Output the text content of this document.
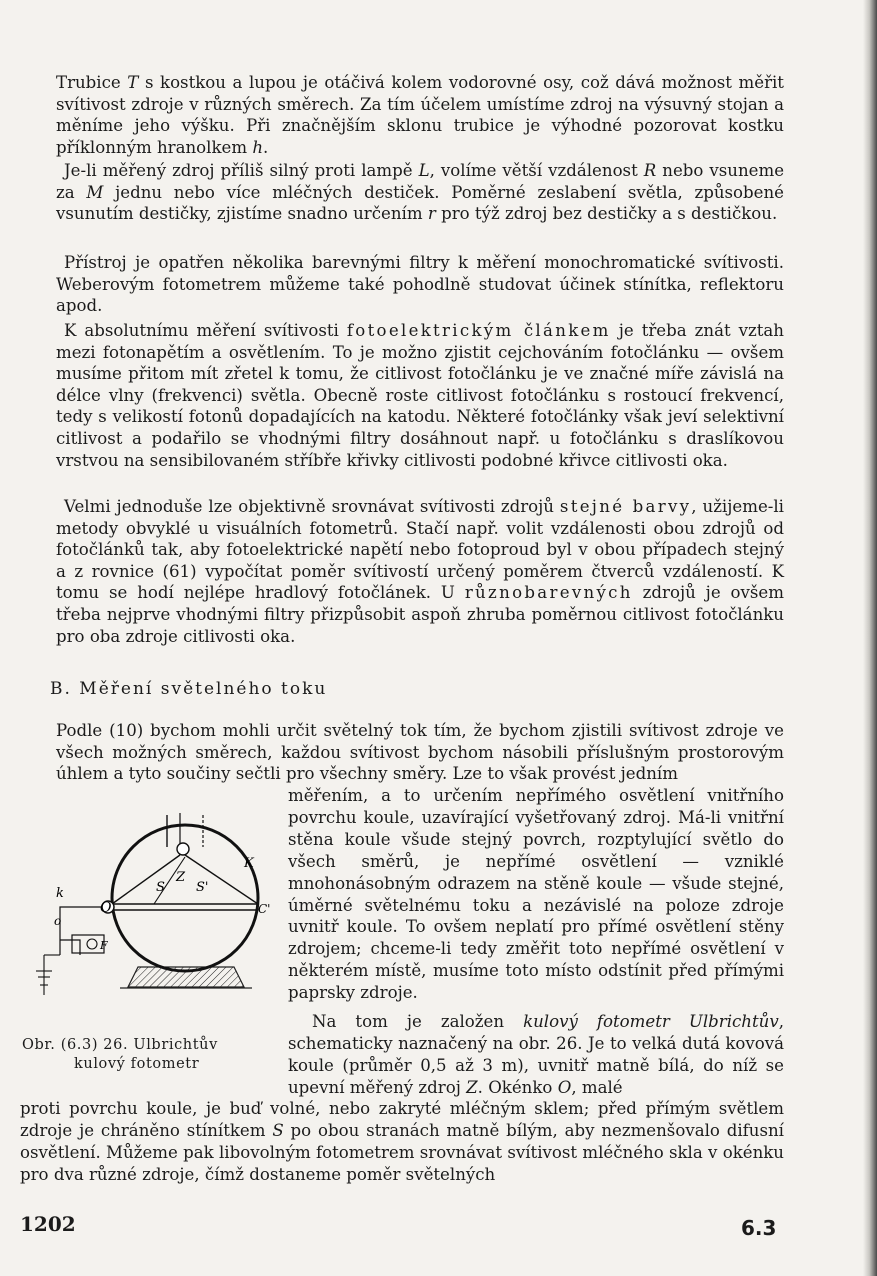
Trubice T s kostkou a lupou je otáčivá kolem vodorovné osy, což dává možnost měřit svítivost zdroje v různých směrech. Za tím účelem umístíme zdroj na výsuvný stojan a měníme jeho výšku. Při značnějším sklonu trubice je výhodné pozorovat kostku příklonným hranolkem h.

Je-li měřený zdroj příliš silný proti lampě L, volíme větší vzdálenost R nebo vsuneme za M jednu nebo více mléčných destiček. Poměrné zeslabení světla, způsobené vsunutím destičky, zjistíme snadno určením r pro týž zdroj bez destičky a s destičkou.

Přístroj je opatřen několika barevnými filtry k měření monochromatické svítivosti. Weberovým fotometrem můžeme také pohodlně studovat účinek stínítka, reflektoru apod.

K absolutnímu měření svítivosti fotoelektrickým článkem je třeba znát vztah mezi fotonapětím a osvětlením. To je možno zjistit cejchováním fotočlánku — ovšem musíme přitom mít zřetel k tomu, že citlivost fotočlánku je ve značné míře závislá na délce vlny (frekvenci) světla. Obecně roste citlivost fotočlánku s rostoucí frekvencí, tedy s velikostí fotonů dopadajících na katodu. Některé fotočlánky však jeví selektivní citlivost a podařilo se vhodnými filtry dosáhnout např. u fotočlánku s draslíkovou vrstvou na sensibilovaném stříbře křivky citlivosti podobné křivce citlivosti oka.

Velmi jednoduše lze objektivně srovnávat svítivosti zdrojů stejné barvy, užijeme-li metody obvyklé u visuálních fotometrů. Stačí např. volit vzdálenosti obou zdrojů od fotočlánků tak, aby fotoelektrické napětí nebo fotoproud byl v obou případech stejný a z rovnice (61) vypočítat poměr svítivostí určený poměrem čtverců vzdáleností. K tomu se hodí nejlépe hradlový fotočlánek. U různobarevných zdrojů je ovšem třeba nejprve vhodnými filtry přizpůsobit aspoň zhruba poměrnou citlivost fotočlánku pro oba zdroje citlivosti oka.

B. Měření světelného toku

Podle (10) bychom mohli určit světelný tok tím, že bychom zjistili svítivost zdroje ve všech možných směrech, každou svítivost bychom násobili příslušným prostorovým úhlem a tyto součiny sečtli pro všechny směry. Lze to však provést jedním

měřením, a to určením nepřímého osvětlení vnitřního povrchu koule, uzavírající vyšetřovaný zdroj. Má-li vnitřní stěna koule všude stejný povrch, rozptylující světlo do všech směrů, je nepřímé osvětlení — vzniklé mnohonásobným odrazem na stěně koule — všude stejné, úměrné světelnému toku a nezávislé na poloze zdroje uvnitř koule. To ovšem neplatí pro přímé osvětlení stěny zdrojem; chceme-li tedy změřit toto nepřímé osvětlení v některém místě, musíme toto místo odstínit před přímými paprsky zdroje.

Na tom je založen kulový fotometr Ulbrichtův, schematicky naznačený na obr. 26. Je to velká dutá kovová koule (průměr 0,5 až 3 m), uvnitř matně bílá, do níž se upevní měřený zdroj Z. Okénko O, malé

proti povrchu koule, je buď volné, nebo zakryté mléčným sklem; před přímým světlem zdroje je chráněno stínítkem S po obou stranách matně bílým, aby nezmenšovalo difusní osvětlení. Můžeme pak libovolným fotometrem srovnávat svítivost mléčného skla v okénku pro dva různé zdroje, čímž dostaneme poměr světelných

K
k
O
o
C'
S
Z
S'
F

Obr. (6.3) 26. Ulbrichtův
kulový fotometr

1202	6.3
